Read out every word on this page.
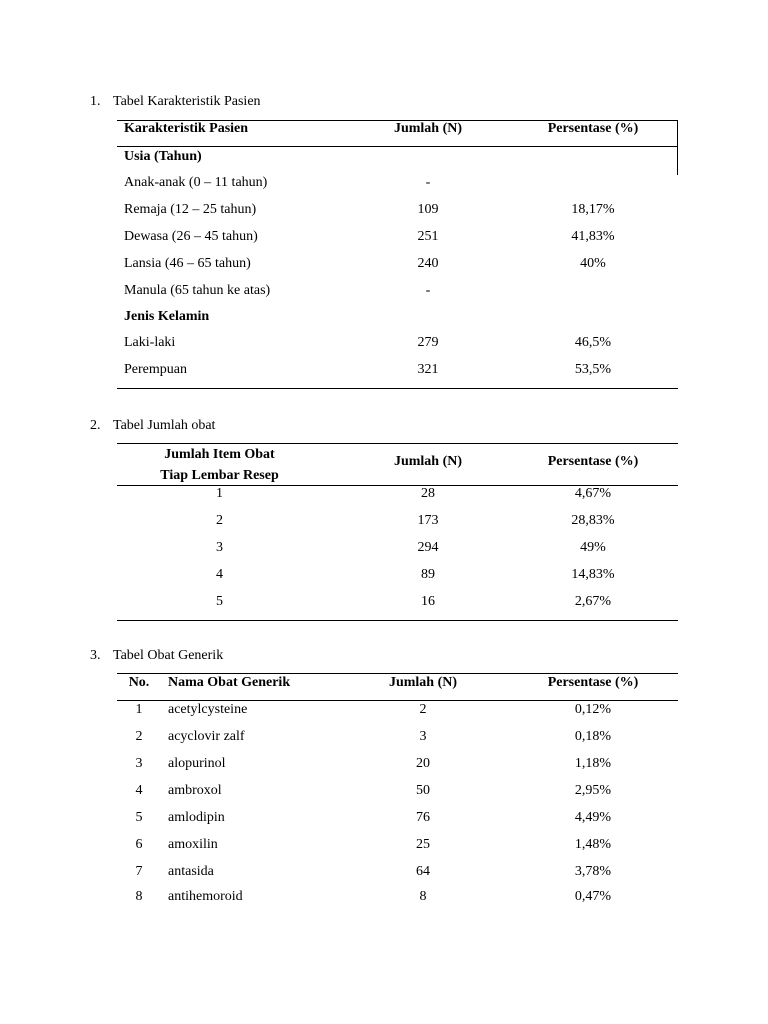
1. Tabel Karakteristik Pasien
Karakteristik Pasien	Jumlah (N)	Persentase (%)
Usia (Tahun)
Anak-anak (0 – 11 tahun)	-
Remaja (12 – 25 tahun)	109	18,17%
Dewasa (26 – 45 tahun)	251	41,83%
Lansia (46 – 65 tahun)	240	40%
Manula (65 tahun ke atas)	-
Jenis Kelamin
Laki-laki	279	46,5%
Perempuan	321	53,5%
2. Tabel Jumlah obat
Jumlah Item Obat
Tiap Lembar Resep
Jumlah (N)	Persentase (%)
1	28	4,67%
2	173	28,83%
3	294	49%
4	89	14,83%
5	16	2,67%
3. Tabel Obat Generik
No.	Nama Obat Generik	Jumlah (N)	Persentase (%)
1	acetylcysteine	2	0,12%
2	acyclovir zalf	3	0,18%
3	alopurinol	20	1,18%
4	ambroxol	50	2,95%
5	amlodipin	76	4,49%
6	amoxilin	25	1,48%
7	antasida	64	3,78%
8	antihemoroid	8	0,47%
